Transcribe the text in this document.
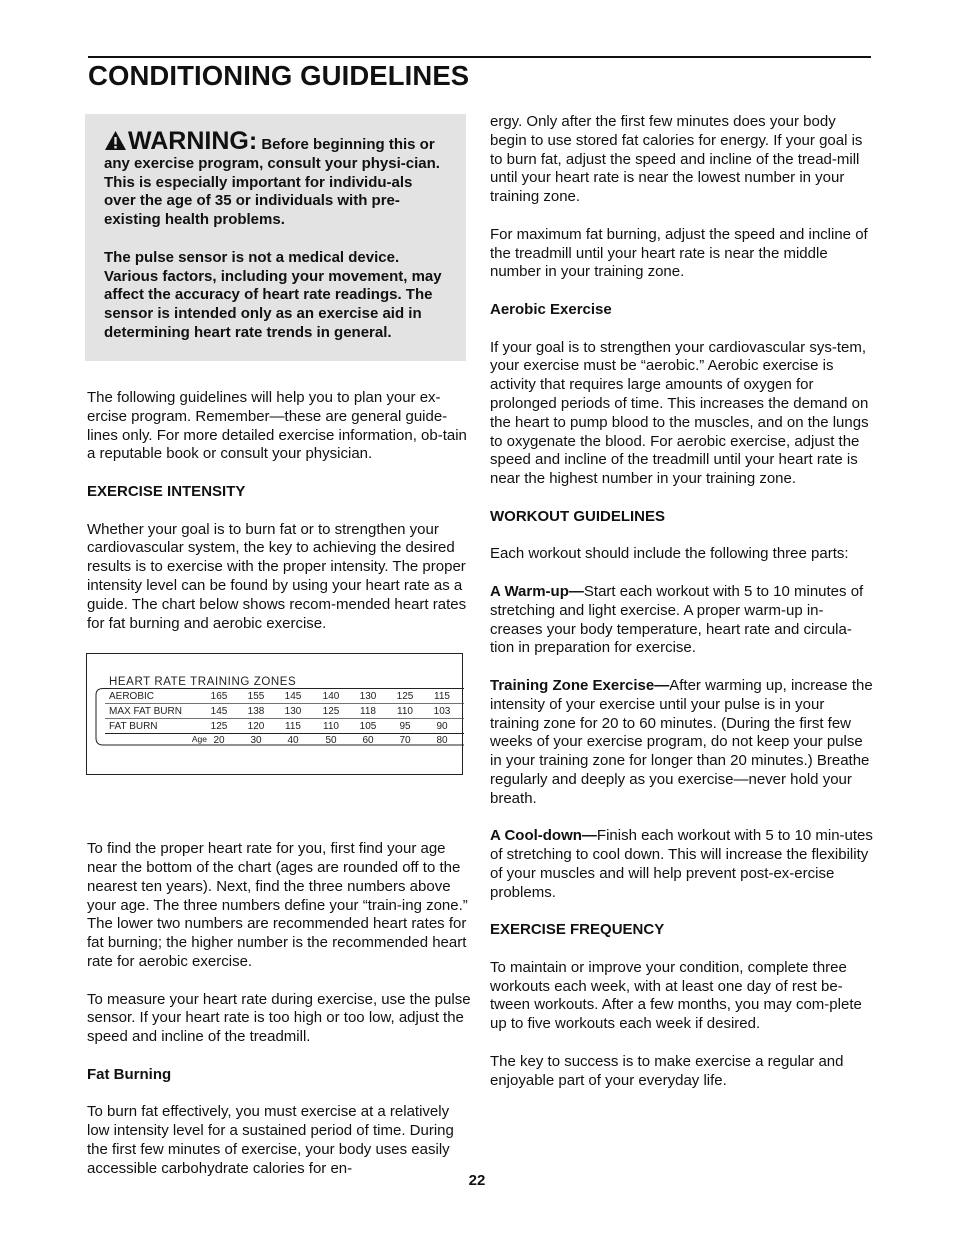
CONDITIONING GUIDELINES

WARNING: Before beginning this or any exercise program, consult your physi-cian. This is especially important for individu-als over the age of 35 or individuals with pre-existing health problems.

The pulse sensor is not a medical device. Various factors, including your movement, may affect the accuracy of heart rate readings. The sensor is intended only as an exercise aid in determining heart rate trends in general.

The following guidelines will help you to plan your ex-ercise program. Remember—these are general guide-lines only. For more detailed exercise information, ob-tain a reputable book or consult your physician.

EXERCISE INTENSITY

Whether your goal is to burn fat or to strengthen your cardiovascular system, the key to achieving the desired results is to exercise with the proper intensity. The proper intensity level can be found by using your heart rate as a guide. The chart below shows recom-mended heart rates for fat burning and aerobic exercise.

To find the proper heart rate for you, first find your age near the bottom of the chart (ages are rounded off to the nearest ten years). Next, find the three numbers above your age. The three numbers define your “train-ing zone.” The lower two numbers are recommended heart rates for fat burning; the higher number is the recommended heart rate for aerobic exercise.

To measure your heart rate during exercise, use the pulse sensor. If your heart rate is too high or too low, adjust the speed and incline of the treadmill.

Fat Burning

To burn fat effectively, you must exercise at a relatively low intensity level for a sustained period of time. During the first few minutes of exercise, your body uses easily accessible carbohydrate calories for en-

HEART RATE TRAINING ZONES
AEROBIC	165 155 145 140 130 125 115
MAX FAT BURN	145 138 130 125 118 110 103
FAT BURN	125 120 115 110 105 95	90
Age 20	30	40	50	60	70	80

ergy. Only after the first few minutes does your body begin to use stored fat calories for energy. If your goal is to burn fat, adjust the speed and incline of the tread-mill until your heart rate is near the lowest number in your training zone.

For maximum fat burning, adjust the speed and incline of the treadmill until your heart rate is near the middle number in your training zone.

Aerobic Exercise

If your goal is to strengthen your cardiovascular sys-tem, your exercise must be “aerobic.” Aerobic exercise is activity that requires large amounts of oxygen for prolonged periods of time. This increases the demand on the heart to pump blood to the muscles, and on the lungs to oxygenate the blood. For aerobic exercise, adjust the speed and incline of the treadmill until your heart rate is near the highest number in your training zone.

WORKOUT GUIDELINES

Each workout should include the following three parts:

A Warm-up—Start each workout with 5 to 10 minutes of stretching and light exercise. A proper warm-up in-creases your body temperature, heart rate and circula-tion in preparation for exercise.

Training Zone Exercise—After warming up, increase the intensity of your exercise until your pulse is in your training zone for 20 to 60 minutes. (During the first few weeks of your exercise program, do not keep your pulse in your training zone for longer than 20 minutes.) Breathe regularly and deeply as you exercise—never hold your breath.

A Cool-down—Finish each workout with 5 to 10 min-utes of stretching to cool down. This will increase the flexibility of your muscles and will help prevent post-ex-ercise problems.

EXERCISE FREQUENCY

To maintain or improve your condition, complete three workouts each week, with at least one day of rest be-tween workouts. After a few months, you may com-plete up to five workouts each week if desired.

The key to success is to make exercise a regular and enjoyable part of your everyday life.

22
